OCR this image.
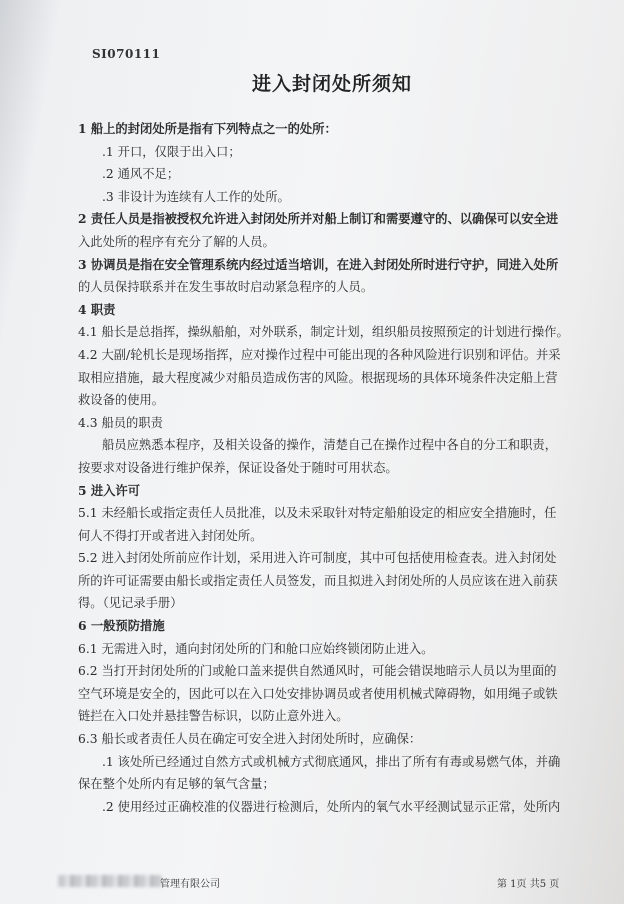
SI070111
进入封闭处所须知
1 船上的封闭处所是指有下列特点之一的处所：
.1 开口，仅限于出入口；
.2 通风不足；
.3 非设计为连续有人工作的处所。
2 责任人员是指被授权允许进入封闭处所并对船上制订和需要遵守的、以确保可以安全进
入此处所的程序有充分了解的人员。
3 协调员是指在安全管理系统内经过适当培训，在进入封闭处所时进行守护，同进入处所
的人员保持联系并在发生事故时启动紧急程序的人员。
4 职责
4.1 船长是总指挥，操纵船舶，对外联系，制定计划，组织船员按照预定的计划进行操作。
4.2 大副/轮机长是现场指挥，应对操作过程中可能出现的各种风险进行识别和评估。并采
取相应措施，最大程度减少对船员造成伤害的风险。根据现场的具体环境条件决定船上营
救设备的使用。
4.3 船员的职责
船员应熟悉本程序，及相关设备的操作，清楚自己在操作过程中各自的分工和职责，
按要求对设备进行维护保养，保证设备处于随时可用状态。
5 进入许可
5.1 未经船长或指定责任人员批准，以及未采取针对特定船舶设定的相应安全措施时，任
何人不得打开或者进入封闭处所。
5.2 进入封闭处所前应作计划，采用进入许可制度，其中可包括使用检查表。进入封闭处
所的许可证需要由船长或指定责任人员签发，而且拟进入封闭处所的人员应该在进入前获
得。（见记录手册）
6 一般预防措施
6.1 无需进入时，通向封闭处所的门和舱口应始终锁闭防止进入。
6.2 当打开封闭处所的门或舱口盖来提供自然通风时，可能会错误地暗示人员以为里面的
空气环境是安全的，因此可以在入口处安排协调员或者使用机械式障碍物，如用绳子或铁
链拦在入口处并悬挂警告标识，以防止意外进入。
6.3 船长或者责任人员在确定可安全进入封闭处所时，应确保：
.1 该处所已经通过自然方式或机械方式彻底通风，排出了所有有毒或易燃气体，并确
保在整个处所内有足够的氧气含量；
.2 使用经过正确校准的仪器进行检测后，处所内的氧气水平经测试显示正常，处所内
管理有限公司	第 1页 共5 页
